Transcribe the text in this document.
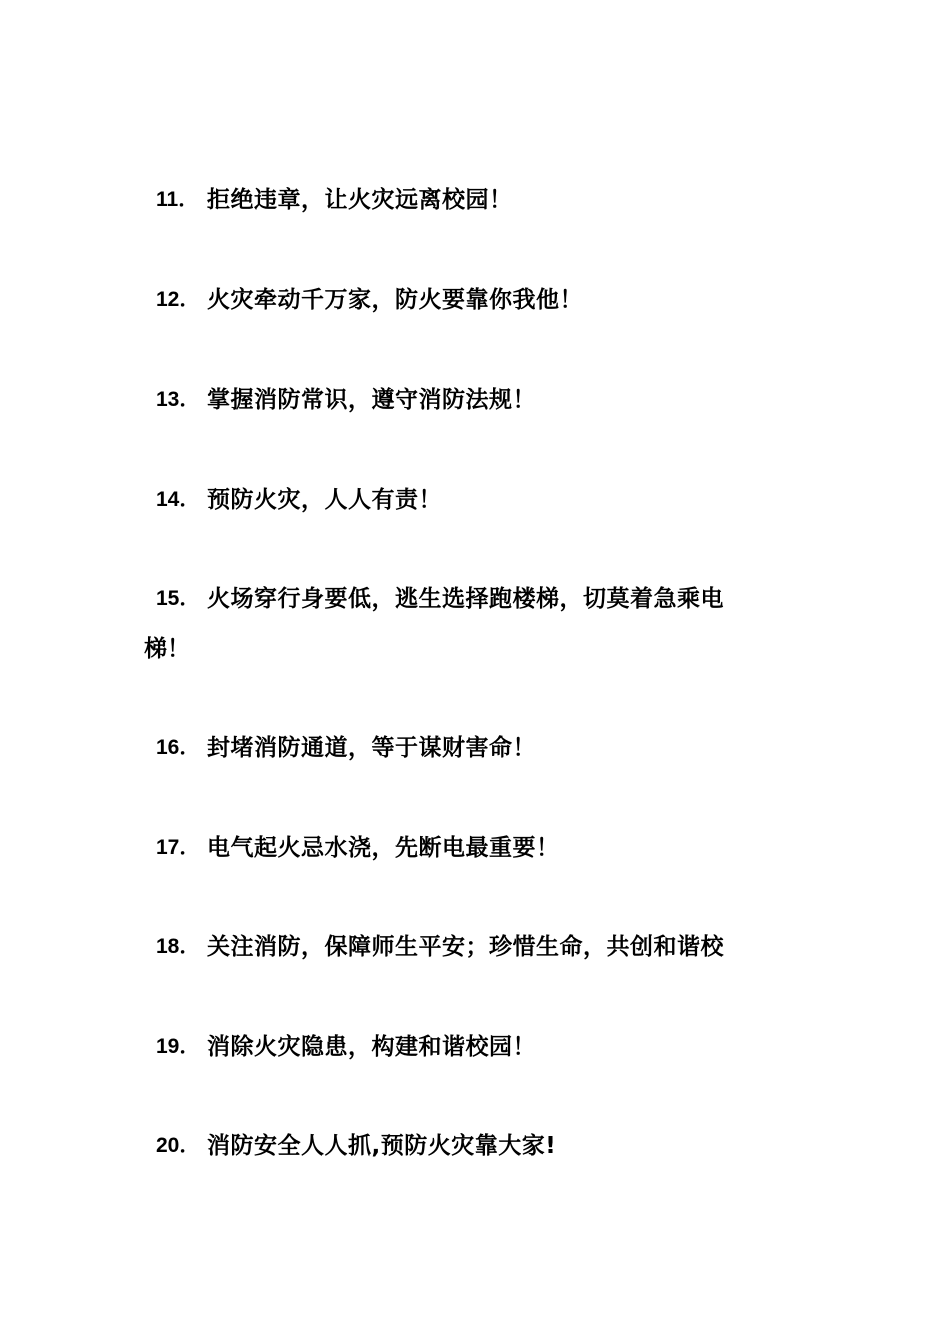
11． 拒绝违章，让火灾远离校园！
12． 火灾牵动千万家，防火要靠你我他！
13． 掌握消防常识，遵守消防法规！
14． 预防火灾，人人有责！
15． 火场穿行身要低，逃生选择跑楼梯，切莫着急乘电
梯！
16． 封堵消防通道，等于谋财害命！
17． 电气起火忌水浇，先断电最重要！
18． 关注消防，保障师生平安；珍惜生命，共创和谐校
19． 消除火灾隐患，构建和谐校园！
20． 消防安全人人抓,预防火灾靠大家!
